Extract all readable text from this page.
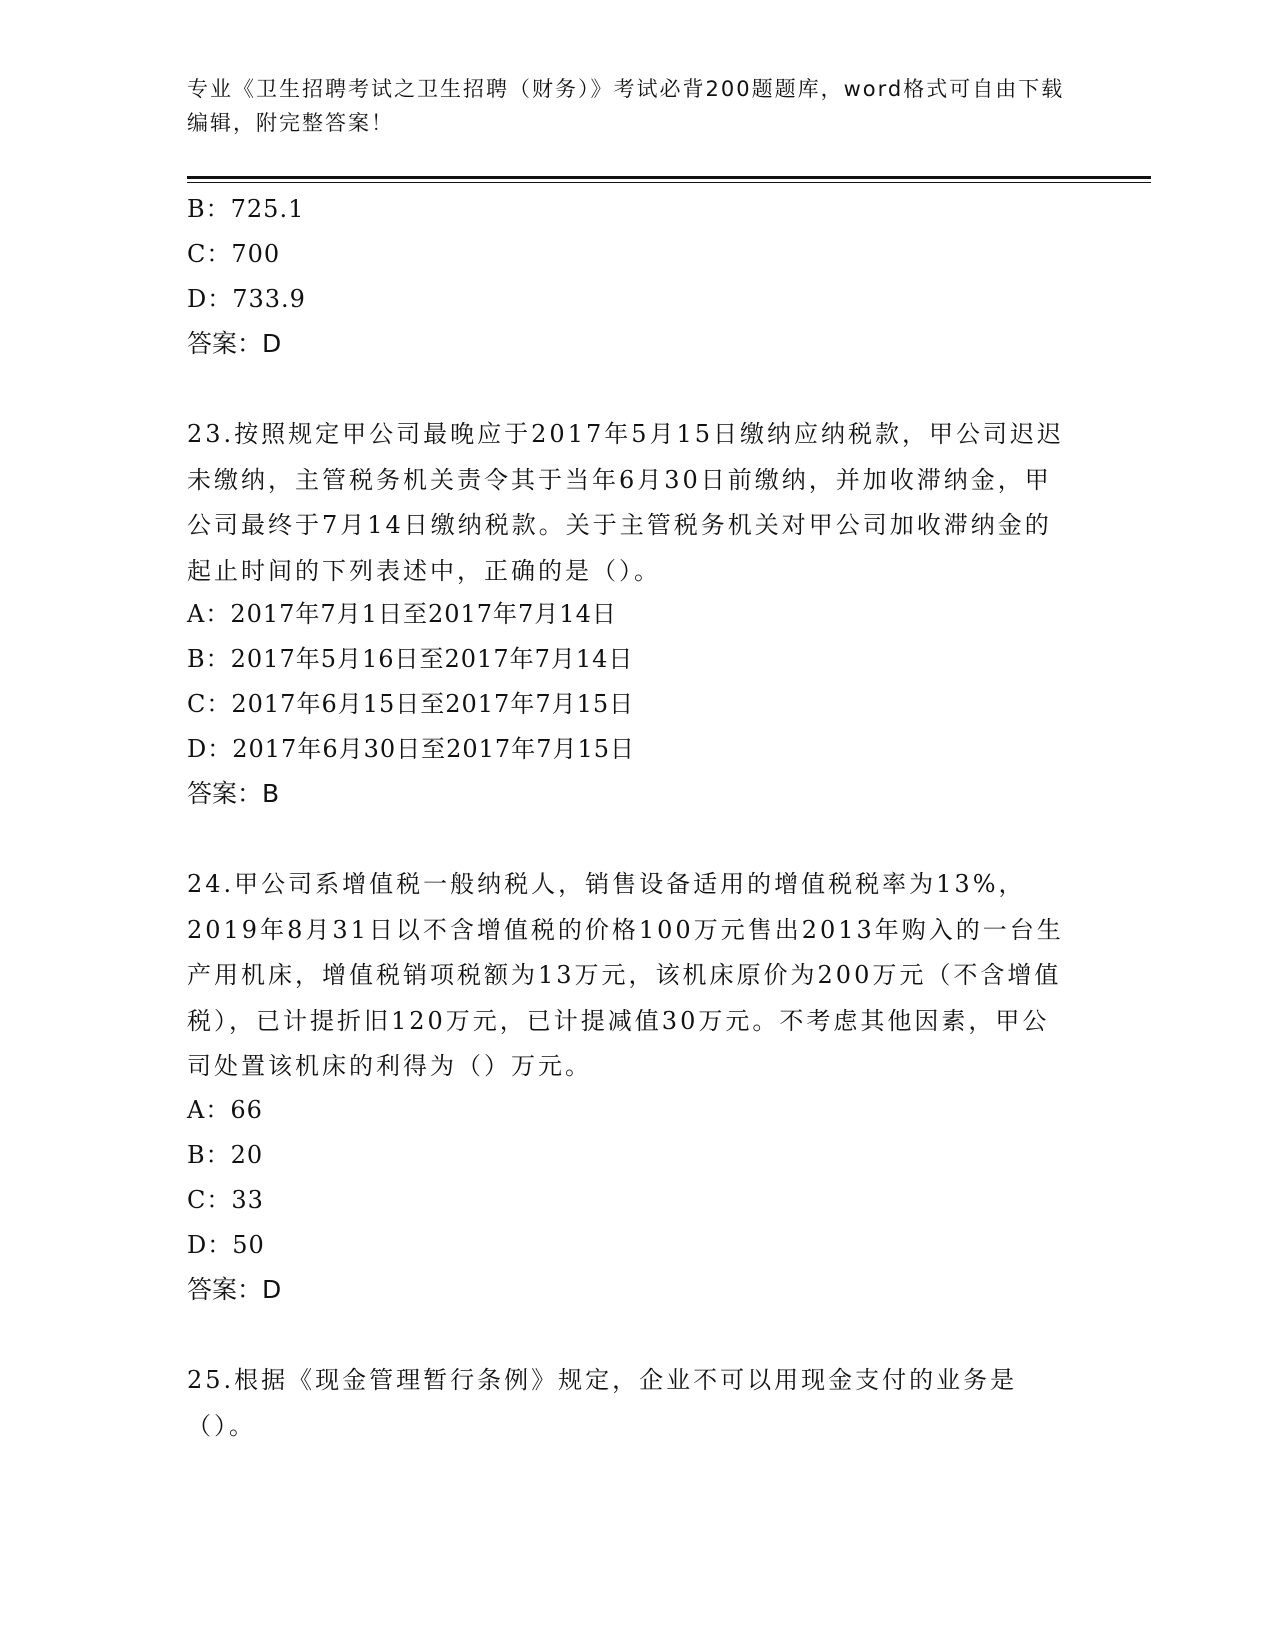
专业《卫生招聘考试之卫生招聘（财务）》考试必背200题题库，word格式可自由下载编辑，附完整答案！
B：725.1
C：700
D：733.9
答案：D
23.按照规定甲公司最晚应于2017年5月15日缴纳应纳税款，甲公司迟迟未缴纳，主管税务机关责令其于当年6月30日前缴纳，并加收滞纳金，甲公司最终于7月14日缴纳税款。关于主管税务机关对甲公司加收滞纳金的起止时间的下列表述中，正确的是（）。
A：2017年7月1日至2017年7月14日
B：2017年5月16日至2017年7月14日
C：2017年6月15日至2017年7月15日
D：2017年6月30日至2017年7月15日
答案：B
24.甲公司系增值税一般纳税人，销售设备适用的增值税税率为13%，2019年8月31日以不含增值税的价格100万元售出2013年购入的一台生产用机床，增值税销项税额为13万元，该机床原价为200万元（不含增值税），已计提折旧120万元，已计提减值30万元。不考虑其他因素，甲公司处置该机床的利得为（）万元。
A：66
B：20
C：33
D：50
答案：D
25.根据《现金管理暂行条例》规定，企业不可以用现金支付的业务是（）。
